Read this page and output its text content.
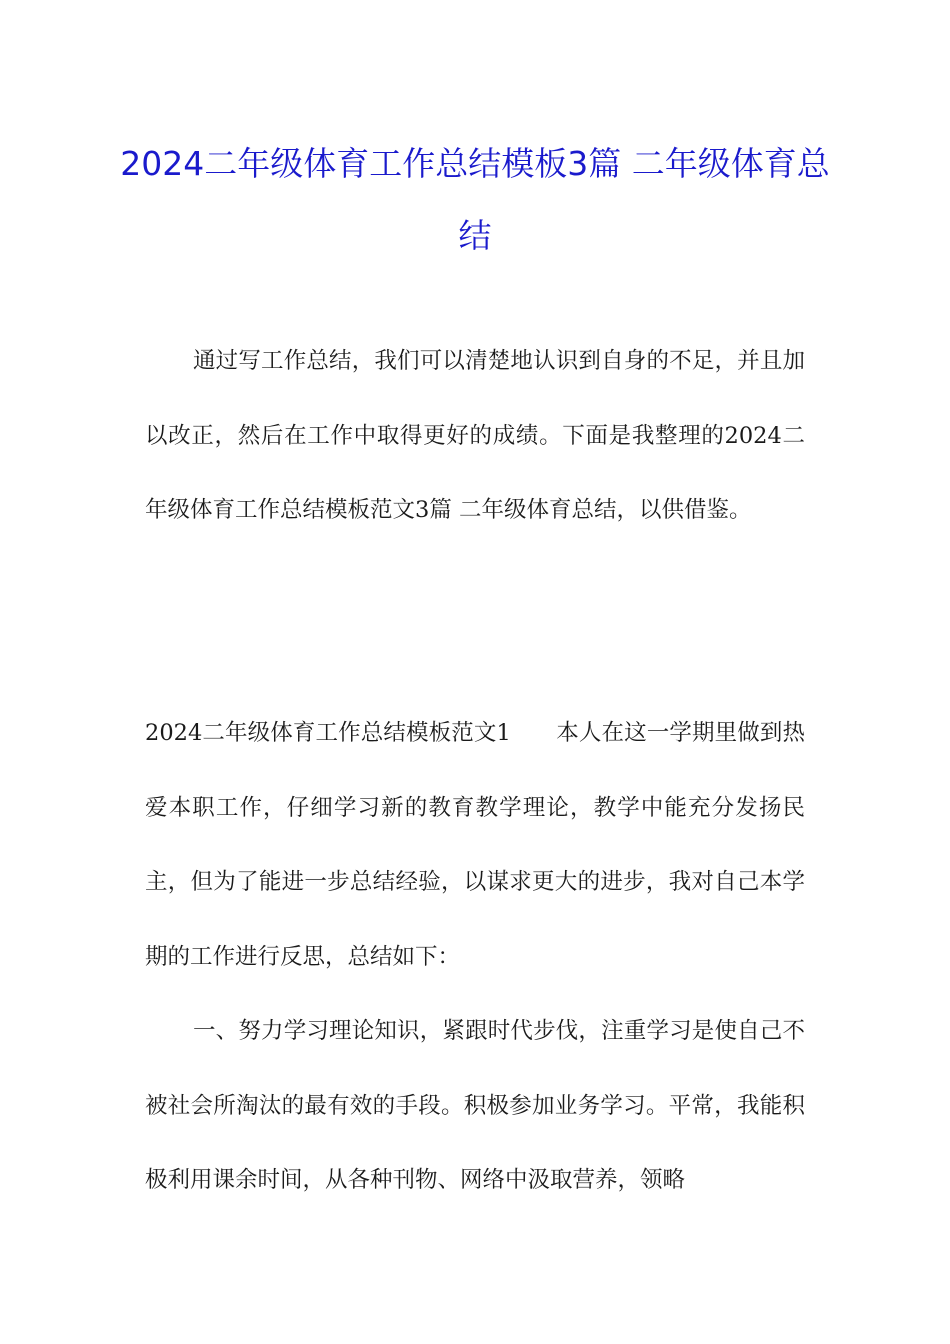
2024二年级体育工作总结模板3篇 二年级体育总结

通过写工作总结，我们可以清楚地认识到自身的不足，并且加以改正，然后在工作中取得更好的成绩。下面是我整理的2024二年级体育工作总结模板范文3篇 二年级体育总结，以供借鉴。

2024二年级体育工作总结模板范文1　　本人在这一学期里做到热爱本职工作，仔细学习新的教育教学理论，教学中能充分发扬民主，但为了能进一步总结经验，以谋求更大的进步，我对自己本学期的工作进行反思，总结如下：

一、努力学习理论知识，紧跟时代步伐，注重学习是使自己不被社会所淘汰的最有效的手段。积极参加业务学习。平常，我能积极利用课余时间，从各种刊物、网络中汲取营养，领略
